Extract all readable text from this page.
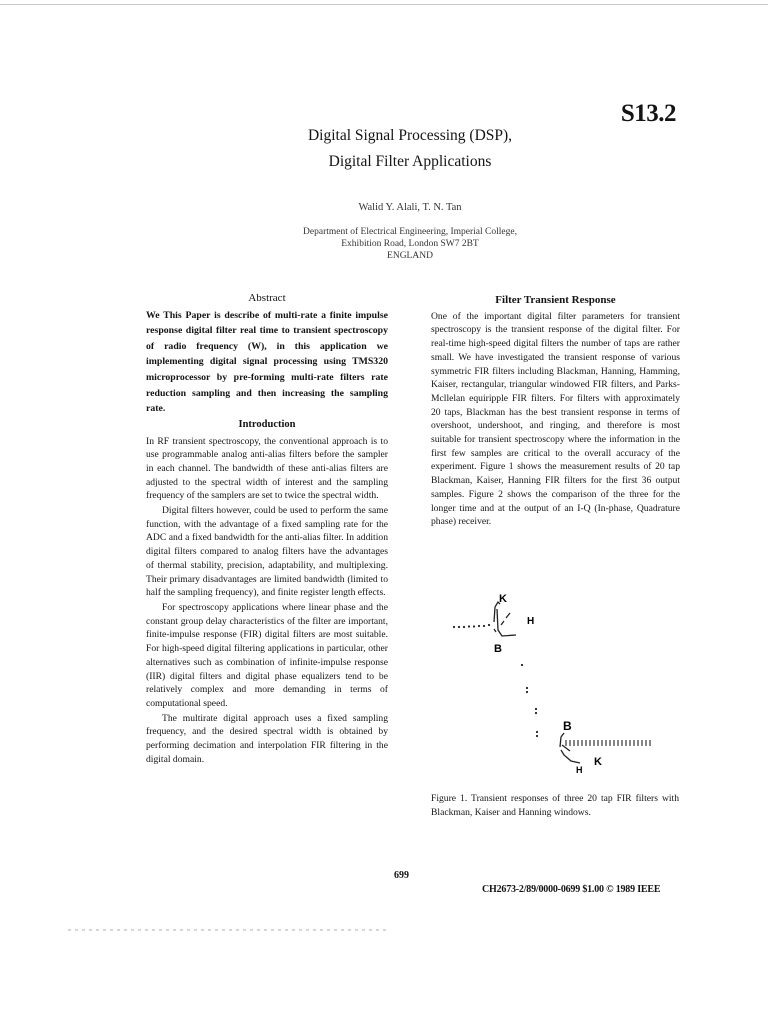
S13.2
Digital Signal Processing (DSP),
Digital Filter Applications
Walid Y. Alali, T. N. Tan
Department of Electrical Engineering, Imperial College,
Exhibition Road, London SW7 2BT
ENGLAND
Abstract

We This Paper is describe of multi-rate a finite impulse response digital filter real time to transient spectroscopy of radio frequency (W), in this application we implementing digital signal processing using TMS320 microprocessor by pre-forming multi-rate filters rate reduction sampling and then increasing the sampling rate.

Introduction

In RF transient spectroscopy, the conventional approach is to use programmable analog anti-alias filters before the sampler in each channel. The bandwidth of these anti-alias filters are adjusted to the spectral width of interest and the sampling frequency of the samplers are set to twice the spectral width.

Digital filters however, could be used to perform the same function, with the advantage of a fixed sampling rate for the ADC and a fixed bandwidth for the anti-alias filter. In addition digital filters compared to analog filters have the advantages of thermal stability, precision, adaptability, and multiplexing. Their primary disadvantages are limited bandwidth (limited to half the sampling frequency), and finite register length effects.

For spectroscopy applications where linear phase and the constant group delay characteristics of the filter are important, finite-impulse response (FIR) digital filters are most suitable. For high-speed digital filtering applications in particular, other alternatives such as combination of infinite-impulse response (IIR) digital filters and digital phase equalizers tend to be relatively complex and more demanding in terms of computational speed.

The multirate digital approach uses a fixed sampling frequency, and the desired spectral width is obtained by performing decimation and interpolation FIR filtering in the digital domain.

Filter Transient Response

One of the important digital filter parameters for transient spectroscopy is the transient response of the digital filter. For real-time high-speed digital filters the number of taps are rather small. We have investigated the transient response of various symmetric FIR filters including Blackman, Hanning, Hamming, Kaiser, rectangular, triangular windowed FIR filters, and Parks-Mcllelan equiripple FIR filters. For filters with approximately 20 taps, Blackman has the best transient response in terms of overshoot, undershoot, and ringing, and therefore is most suitable for transient spectroscopy where the information in the first few samples are critical to the overall accuracy of the experiment. Figure 1 shows the measurement results of 20 tap Blackman, Kaiser, Hanning FIR filters for the first 36 output samples. Figure 2 shows the comparison of the three for the longer time and at the output of an I-Q (In-phase, Quadrature phase) receiver.

K
H
B
B
K
H
Figure 1. Transient responses of three 20 tap FIR filters with Blackman, Kaiser and Hanning windows.
699
CH2673-2/89/0000-0699 $1.00 © 1989 IEEE
